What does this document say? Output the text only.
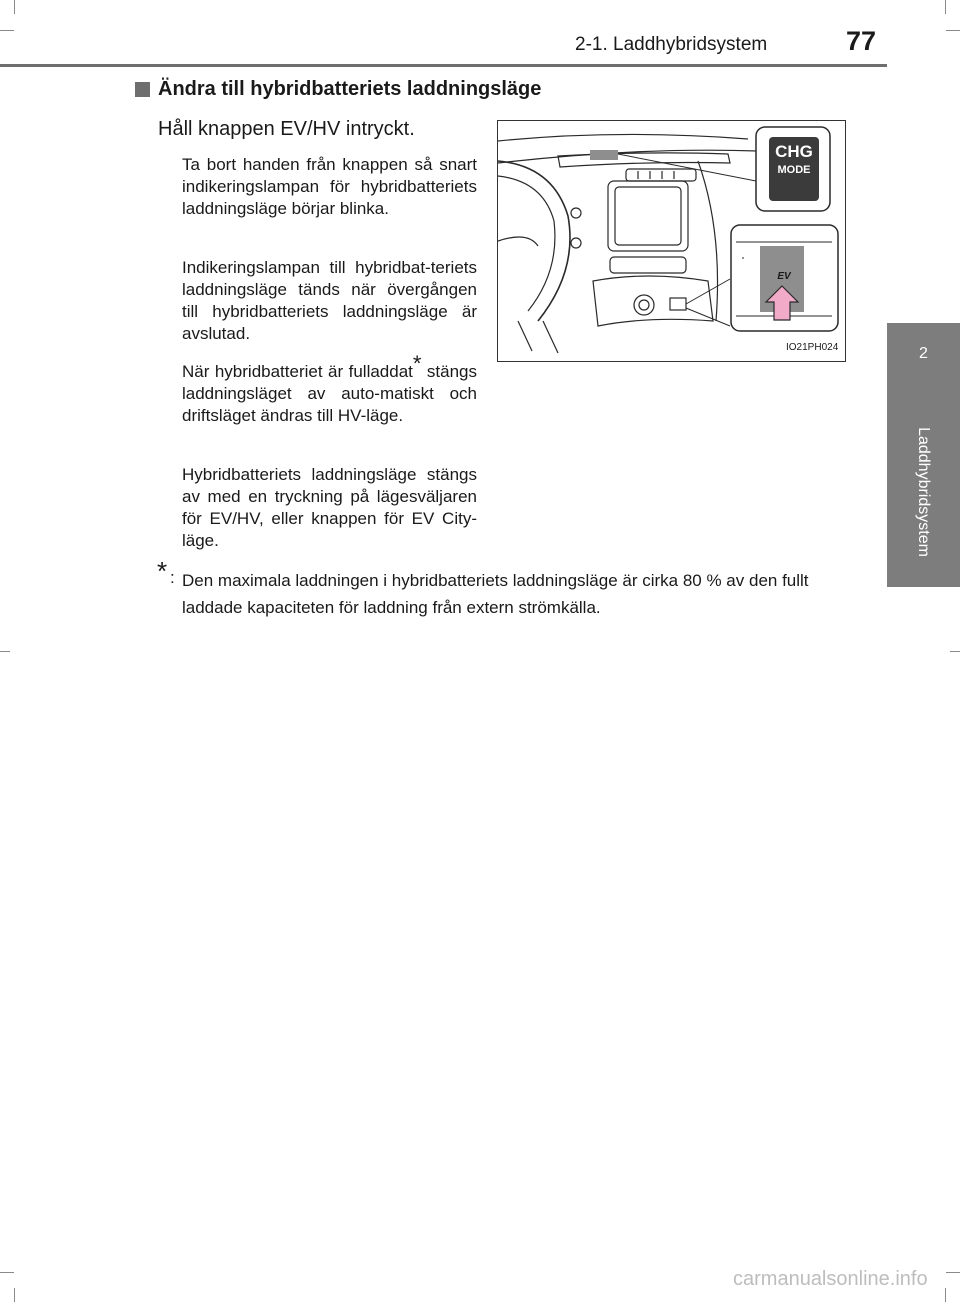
2-1. Laddhybridsystem	77
2
Laddhybridsystem
Ändra till hybridbatteriets laddningsläge
Håll knappen EV/HV intryckt.
Ta bort handen från knappen så snart indikeringslampan för hybridbatteriets laddningsläge börjar blinka.
Indikeringslampan till hybridbat-teriets laddningsläge tänds när övergången till hybridbatteriets laddningsläge är avslutad.
När hybridbatteriet är fulladdat* stängs laddningsläget av auto-matiskt och driftsläget ändras till HV-läge.
Hybridbatteriets laddningsläge stängs av med en tryckning på lägesväljaren för EV/HV, eller knappen för EV City-läge.
* : Den maximala laddningen i hybridbatteriets laddningsläge är cirka 80 % av den fullt laddade kapaciteten för laddning från extern strömkälla.
CHG
MODE
EV
IO21PH024
carmanualsonline.info
